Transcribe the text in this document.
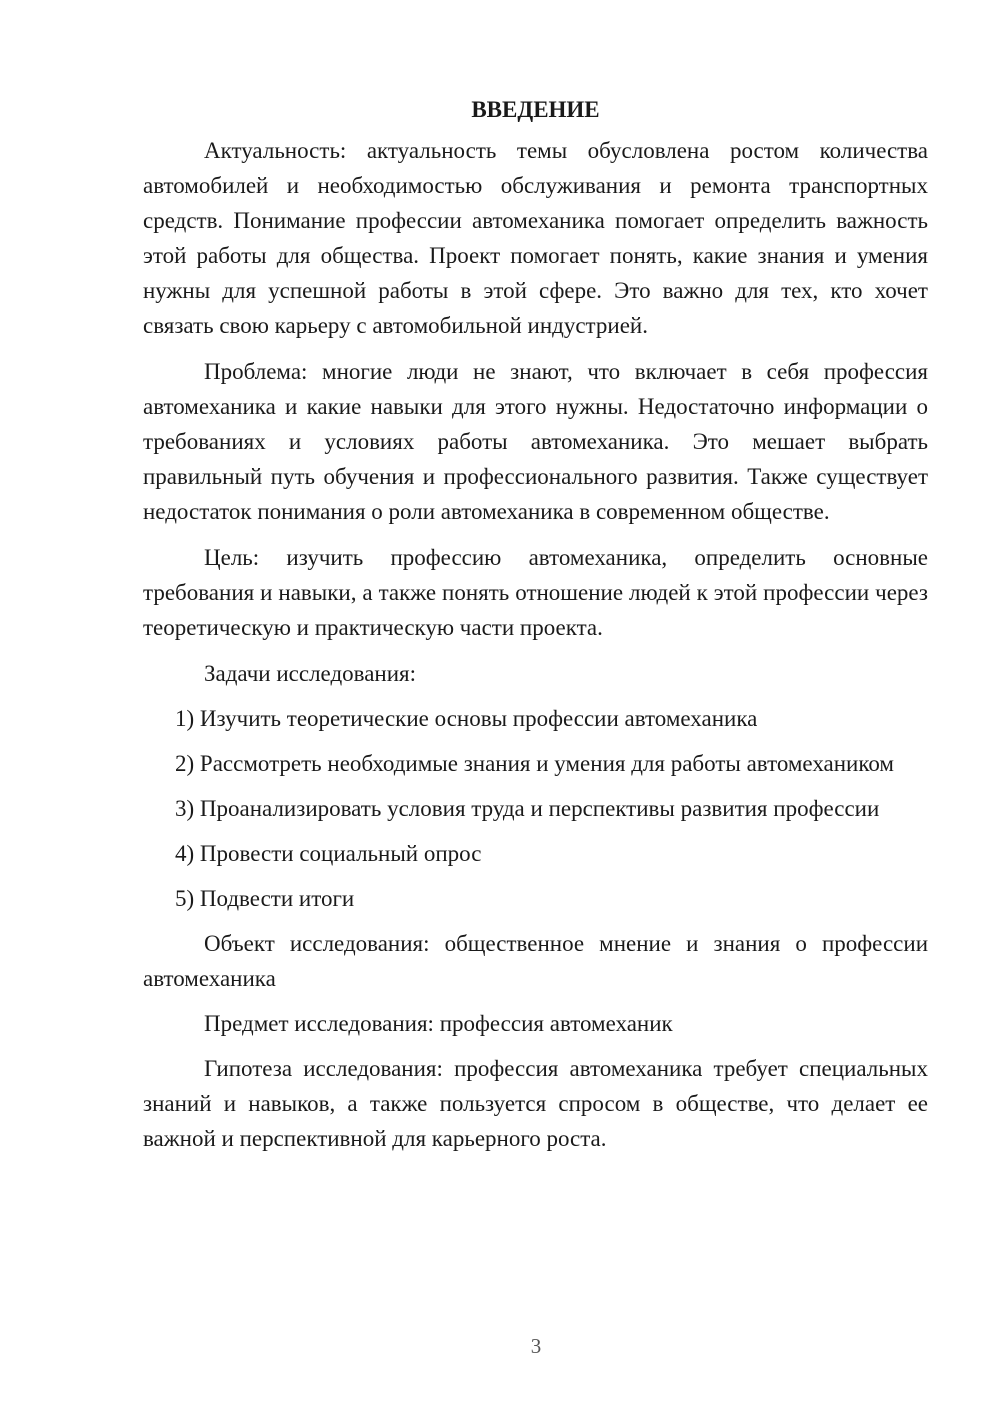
ВВЕДЕНИЕ

Актуальность: актуальность темы обусловлена ростом количества автомобилей и необходимостью обслуживания и ремонта транспортных средств. Понимание профессии автомеханика помогает определить важность этой работы для общества. Проект помогает понять, какие знания и умения нужны для успешной работы в этой сфере. Это важно для тех, кто хочет связать свою карьеру с автомобильной индустрией.

Проблема: многие люди не знают, что включает в себя профессия автомеханика и какие навыки для этого нужны. Недостаточно информации о требованиях и условиях работы автомеханика. Это мешает выбрать правильный путь обучения и профессионального развития. Также существует недостаток понимания о роли автомеханика в современном обществе.

Цель: изучить профессию автомеханика, определить основные требования и навыки, а также понять отношение людей к этой профессии через теоретическую и практическую части проекта.

Задачи исследования:

1) Изучить теоретические основы профессии автомеханика

2) Рассмотреть необходимые знания и умения для работы автомехаником

3) Проанализировать условия труда и перспективы развития профессии

4) Провести социальный опрос

5) Подвести итоги

Объект исследования: общественное мнение и знания о профессии автомеханика

Предмет исследования: профессия автомеханик

Гипотеза исследования: профессия автомеханика требует специальных знаний и навыков, а также пользуется спросом в обществе, что делает ее важной и перспективной для карьерного роста.

3
